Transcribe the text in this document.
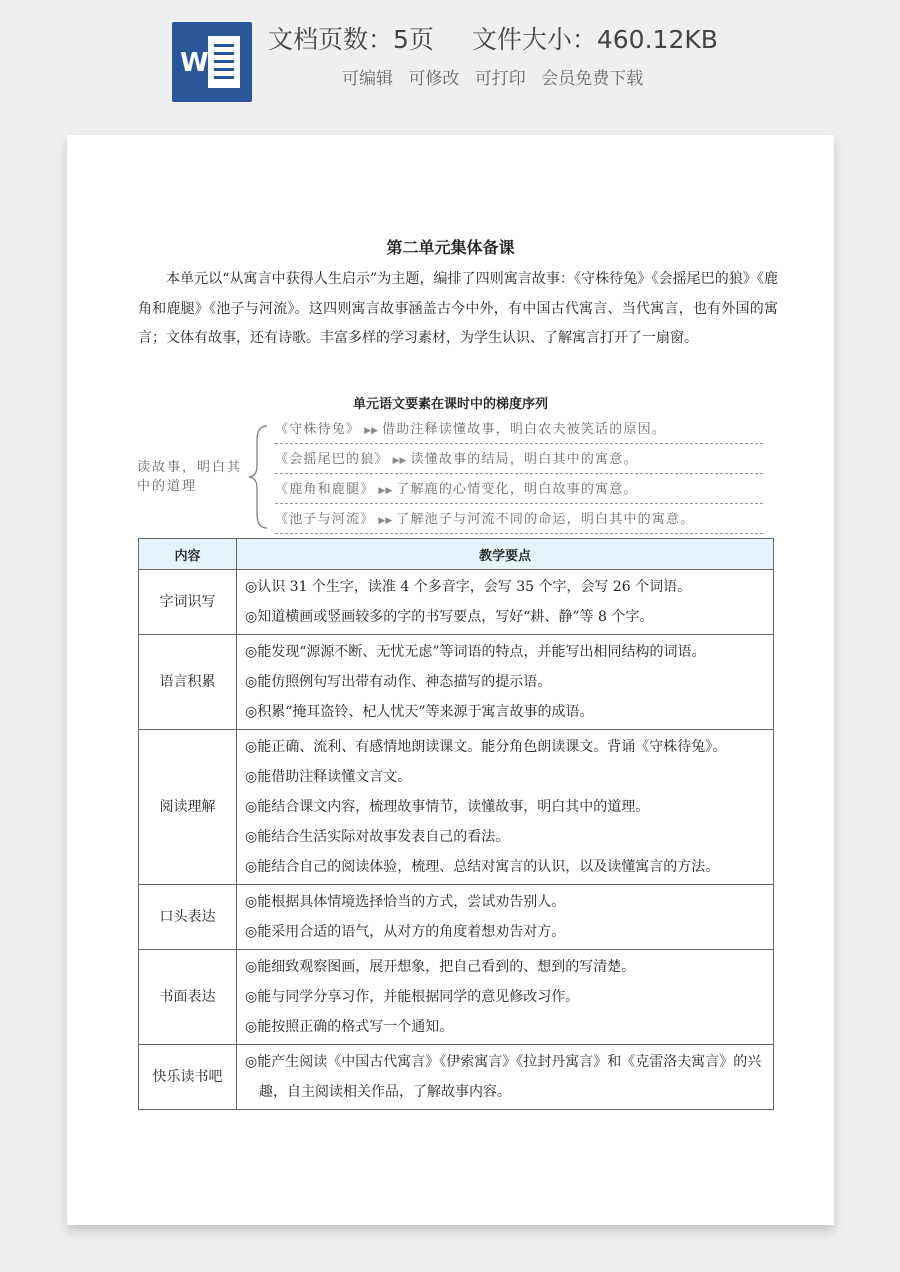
W
文档页数：5页 文件大小：460.12KB
可编辑 可修改 可打印 会员免费下载
第二单元集体备课

本单元以“从寓言中获得人生启示”为主题，编排了四则寓言故事：《守株待兔》《会摇尾巴的狼》《鹿角和鹿腿》《池子与河流》。这四则寓言故事涵盖古今中外，有中国古代寓言、当代寓言，也有外国的寓言；文体有故事，还有诗歌。丰富多样的学习素材，为学生认识、了解寓言打开了一扇窗。

单元语文要素在课时中的梯度序列
读故事，明白其中的道理
《守株待兔》 ▶▶ 借助注释读懂故事，明白农夫被笑话的原因。
《会摇尾巴的狼》 ▶▶ 读懂故事的结局，明白其中的寓意。
《鹿角和鹿腿》 ▶▶ 了解鹿的心情变化，明白故事的寓意。
《池子与河流》 ▶▶ 了解池子与河流不同的命运，明白其中的寓意。
内容	教学要点
字词识写	◎认识 31 个生字，读准 4 个多音字，会写 35 个字，会写 26 个词语。
◎知道横画或竖画较多的字的书写要点，写好“耕、静”等 8 个字。

语言积累	◎能发现“源源不断、无忧无虑”等词语的特点，并能写出相同结构的词语。
◎能仿照例句写出带有动作、神态描写的提示语。
◎积累“掩耳盗铃、杞人忧天”等来源于寓言故事的成语。

阅读理解	◎能正确、流利、有感情地朗读课文。能分角色朗读课文。背诵《守株待兔》。
◎能借助注释读懂文言文。
◎能结合课文内容，梳理故事情节，读懂故事，明白其中的道理。
◎能结合生活实际对故事发表自己的看法。
◎能结合自己的阅读体验，梳理、总结对寓言的认识，以及读懂寓言的方法。

口头表达	◎能根据具体情境选择恰当的方式，尝试劝告别人。
◎能采用合适的语气，从对方的角度着想劝告对方。

书面表达	◎能细致观察图画，展开想象，把自己看到的、想到的写清楚。
◎能与同学分享习作，并能根据同学的意见修改习作。
◎能按照正确的格式写一个通知。

快乐读书吧	◎能产生阅读《中国古代寓言》《伊索寓言》《拉封丹寓言》和《克雷洛夫寓言》的兴趣，自主阅读相关作品，了解故事内容。
